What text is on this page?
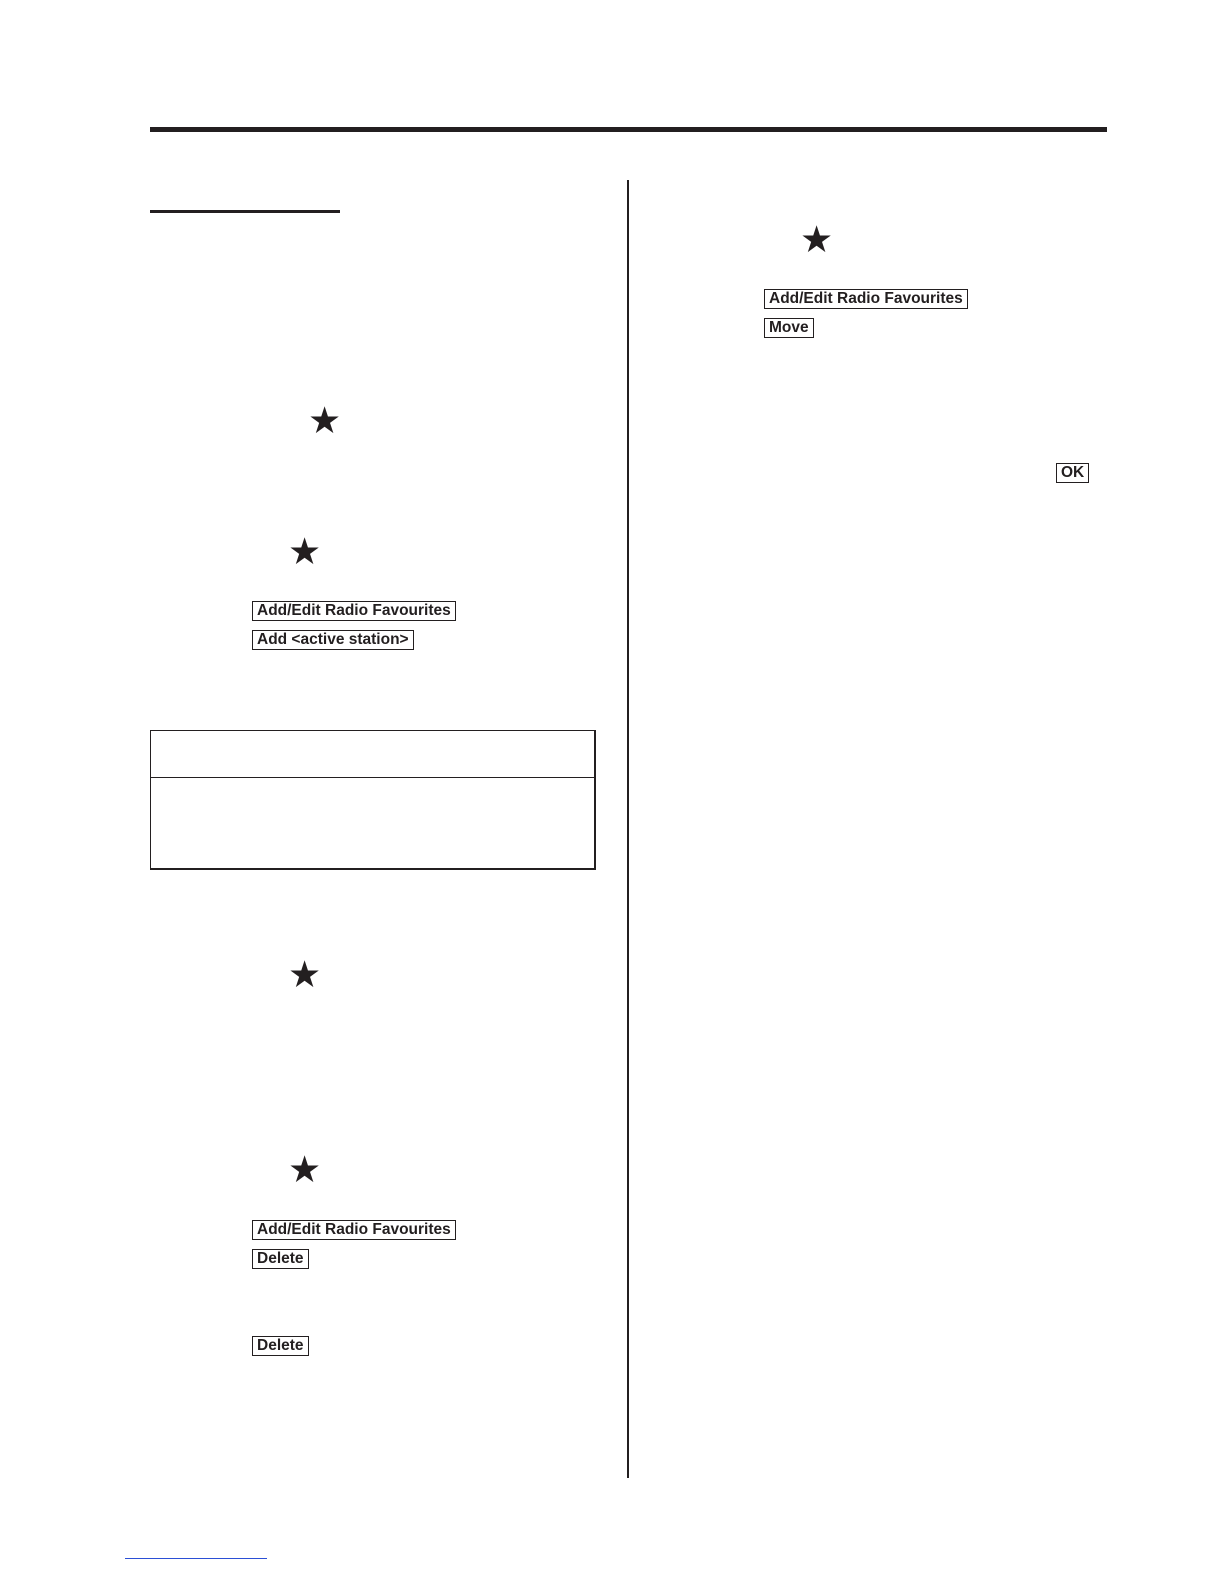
★
★
Add/Edit Radio Favourites
Add <active station>
★
★
Add/Edit Radio Favourites
Delete
Delete
★
Add/Edit Radio Favourites
Move
OK
